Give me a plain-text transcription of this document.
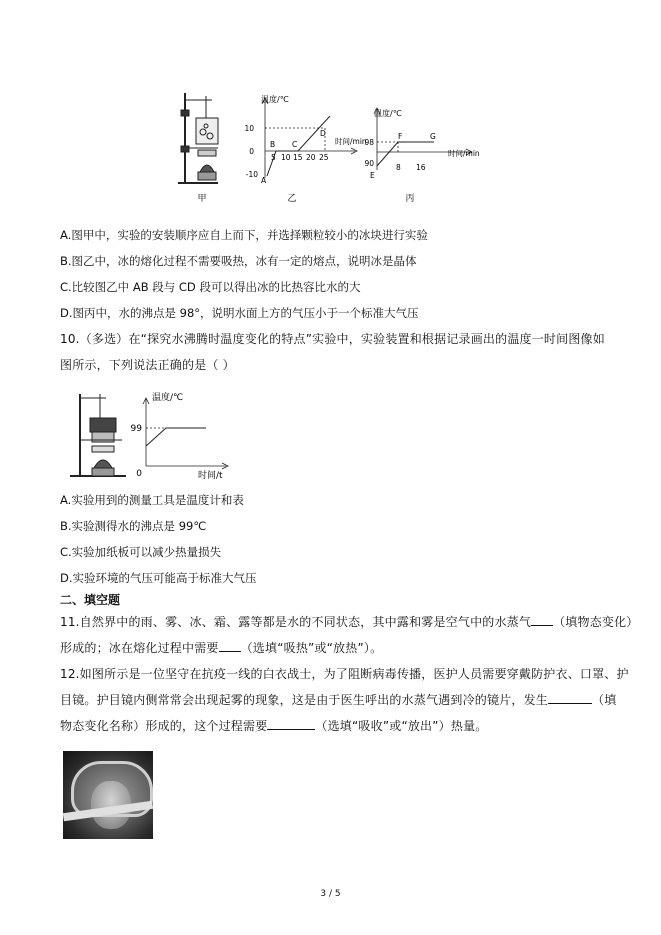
甲
温度/℃
时间/min
10
0
-10
5 10 15 20 25
A
B C
D
乙
温度/℃
时间/min
98
90	8 16
E
F	G
丙
A.图甲中，实验的安装顺序应自上而下，并选择颗粒较小的冰块进行实验
B.图乙中，冰的熔化过程不需要吸热，冰有一定的熔点，说明冰是晶体
C.比较图乙中 AB 段与 CD 段可以得出冰的比热容比水的大
D.图丙中，水的沸点是 98°，说明水面上方的气压小于一个标准大气压
10.（多选）在“探究水沸腾时温度变化的特点”实验中，实验装置和根据记录画出的温度一时间图像如
图所示，下列说法正确的是（ ）
温度/℃
99
0	时间/t
A.实验用到的测量工具是温度计和表
B.实验测得水的沸点是 99℃
C.实验加纸板可以减少热量损失
D.实验环境的气压可能高于标准大气压
二、填空题
11.自然界中的雨、雾、冰、霜、露等都是水的不同状态，其中露和雾是空气中的水蒸气 （填物态变化）
形成的；冰在熔化过程中需要 （选填“吸热”或“放热”）。
12.如图所示是一位坚守在抗疫一线的白衣战士，为了阻断病毒传播，医护人员需要穿戴防护衣、口罩、护
目镜。护目镜内侧常常会出现起雾的现象，这是由于医生呼出的水蒸气遇到冷的镜片，发生	（填
物态变化名称）形成的，这个过程需要	（选填“吸收”或“放出”）热量。
3 / 5
